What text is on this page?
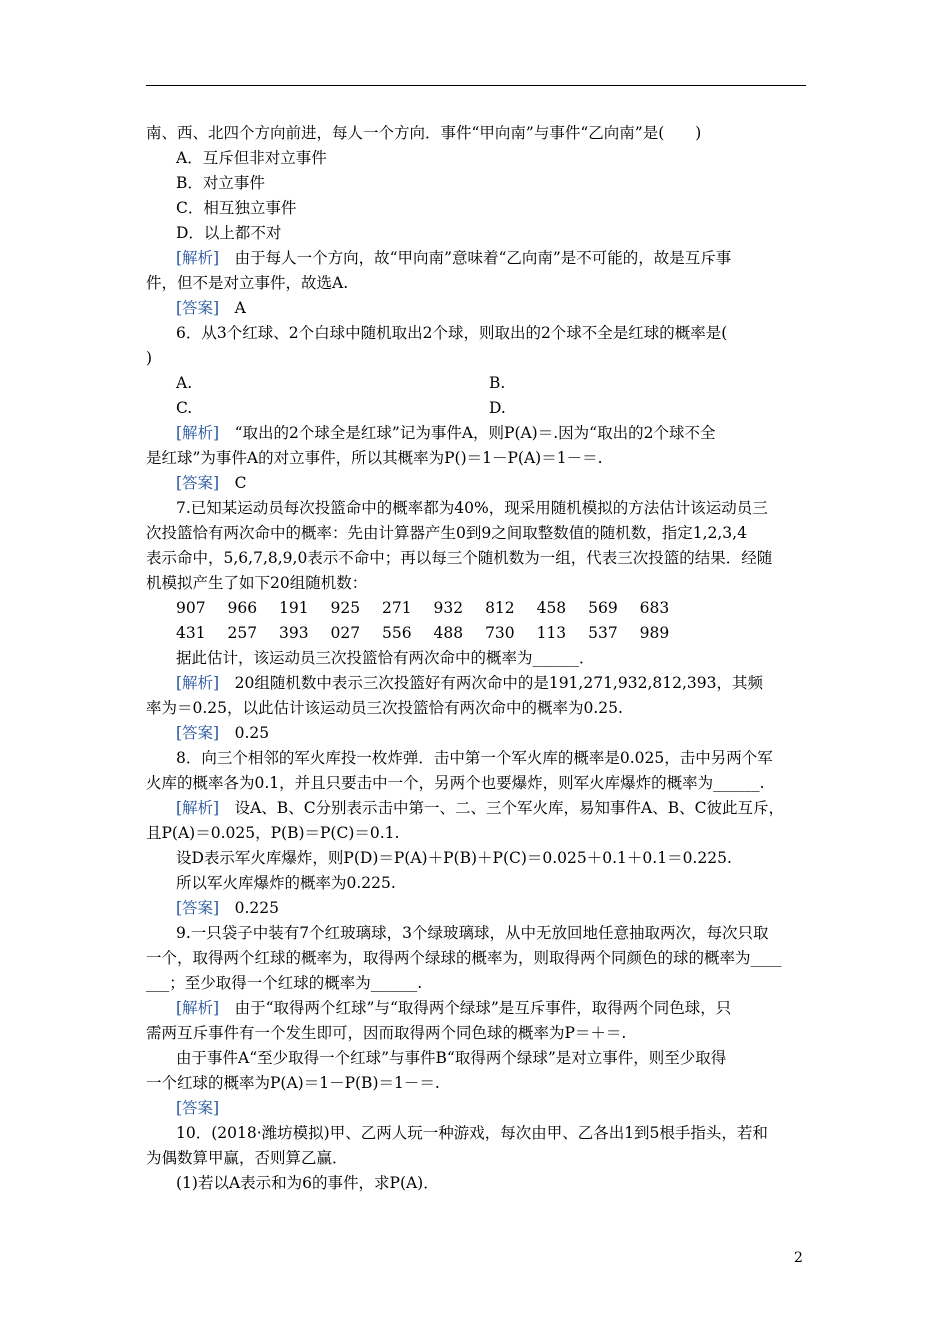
南、西、北四个方向前进，每人一个方向．事件“甲向南”与事件“乙向南”是(　　)
A．互斥但非对立事件
B．对立事件
C．相互独立事件
D．以上都不对
[解析]　由于每人一个方向，故“甲向南”意味着“乙向南”是不可能的，故是互斥事
件，但不是对立事件，故选A.
[答案]　A
6．从3个红球、2个白球中随机取出2个球，则取出的2个球不全是红球的概率是(
)
A.	B.
C.	D.
[解析]　“取出的2个球全是红球”记为事件A，则P(A)＝.因为“取出的2个球不全
是红球”为事件A的对立事件，所以其概率为P()＝1－P(A)＝1－＝.
[答案]　C
7.已知某运动员每次投篮命中的概率都为40%，现采用随机模拟的方法估计该运动员三
次投篮恰有两次命中的概率：先由计算器产生0到9之间取整数值的随机数，指定1,2,3,4
表示命中，5,6,7,8,9,0表示不命中；再以每三个随机数为一组，代表三次投篮的结果．经随
机模拟产生了如下20组随机数：
907 966 191 925 271 932 812 458 569 683
431 257 393 027 556 488 730 113 537 989
据此估计，该运动员三次投篮恰有两次命中的概率为______．
[解析]　20组随机数中表示三次投篮好有两次命中的是191,271,932,812,393，其频
率为＝0.25，以此估计该运动员三次投篮恰有两次命中的概率为0.25.
[答案]　0.25
8．向三个相邻的军火库投一枚炸弹．击中第一个军火库的概率是0.025，击中另两个军
火库的概率各为0.1，并且只要击中一个，另两个也要爆炸，则军火库爆炸的概率为______.
[解析]　设A、B、C分别表示击中第一、二、三个军火库，易知事件A、B、C彼此互斥，
且P(A)＝0.025，P(B)＝P(C)＝0.1.
设D表示军火库爆炸，则P(D)＝P(A)＋P(B)＋P(C)＝0.025＋0.1＋0.1＝0.225.
所以军火库爆炸的概率为0.225.
[答案]　0.225
9.一只袋子中装有7个红玻璃球，3个绿玻璃球，从中无放回地任意抽取两次，每次只取
一个，取得两个红球的概率为，取得两个绿球的概率为，则取得两个同颜色的球的概率为____
___；至少取得一个红球的概率为______.
[解析]　由于“取得两个红球”与“取得两个绿球”是互斥事件，取得两个同色球，只
需两互斥事件有一个发生即可，因而取得两个同色球的概率为P＝＋＝.
由于事件A“至少取得一个红球”与事件B“取得两个绿球”是对立事件，则至少取得
一个红球的概率为P(A)＝1－P(B)＝1－＝.
[答案]
10．(2018·潍坊模拟)甲、乙两人玩一种游戏，每次由甲、乙各出1到5根手指头，若和
为偶数算甲赢，否则算乙赢．
(1)若以A表示和为6的事件，求P(A)．
2
